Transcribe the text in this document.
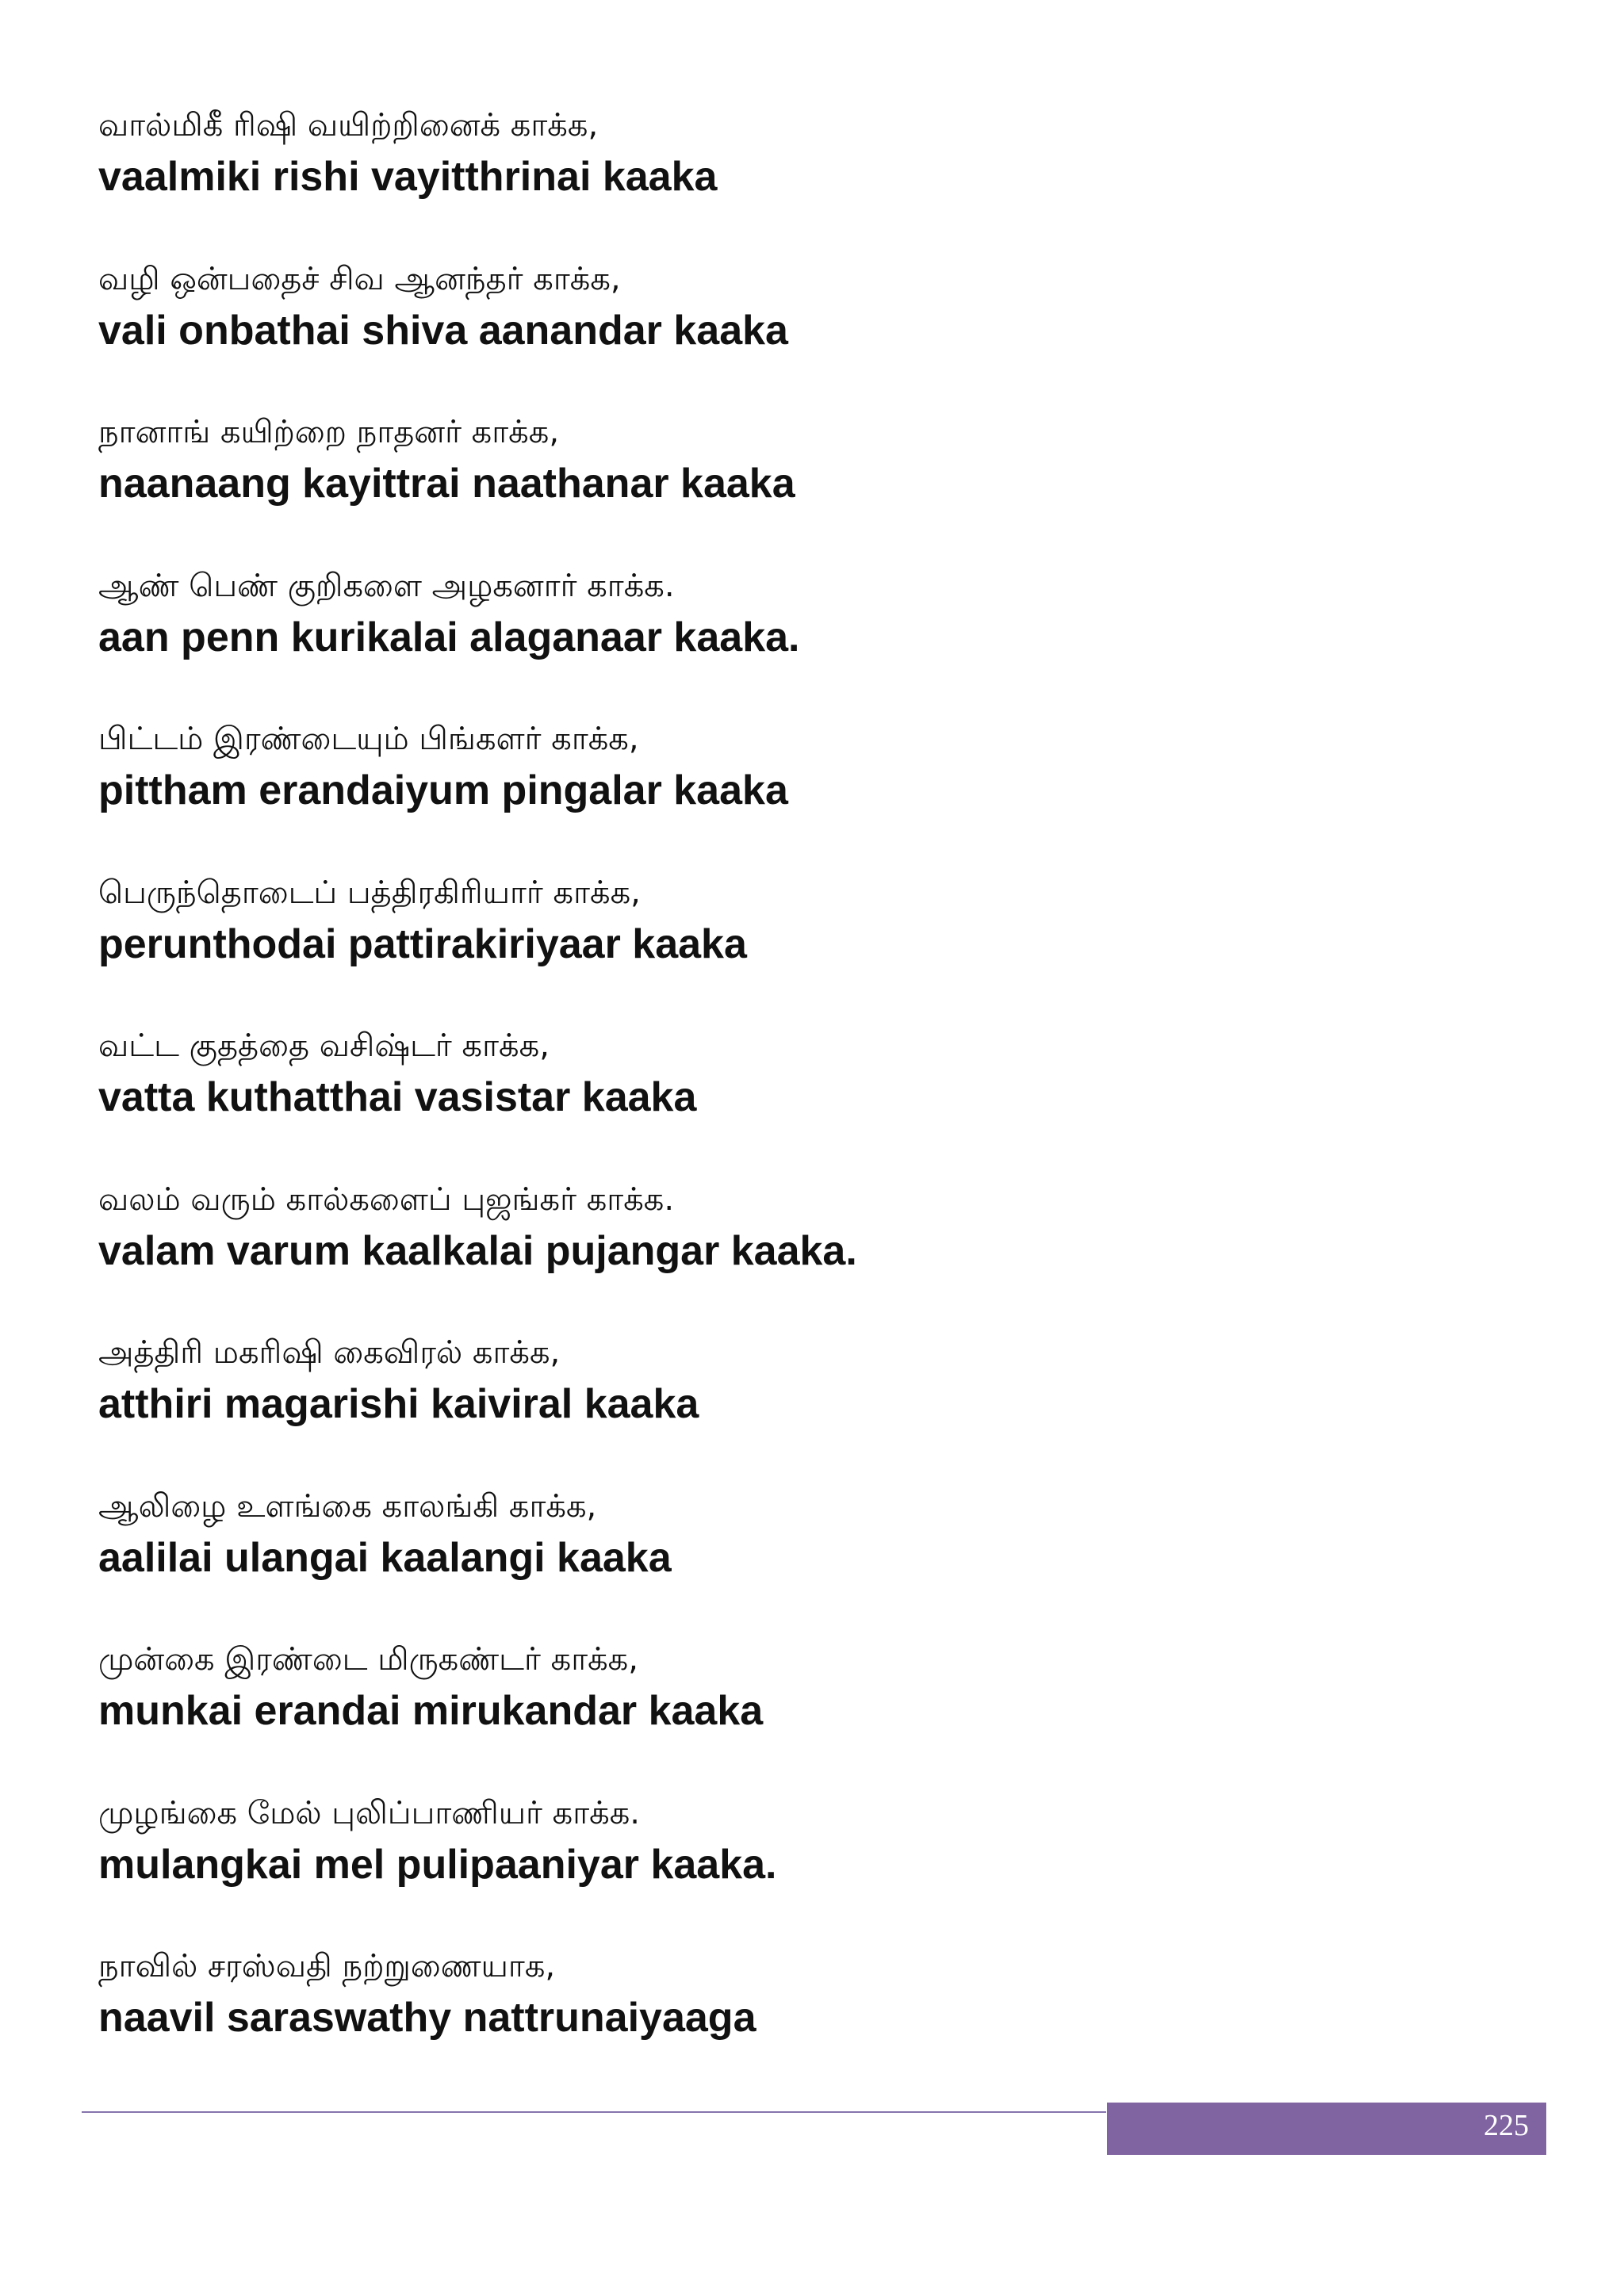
வால்மிகீ ரிஷி வயிற்றினைக் காக்க,
vaalmiki rishi vayitthrinai kaaka
வழி ஒன்பதைச் சிவ ஆனந்தர் காக்க,
vali onbathai shiva aanandar kaaka
நானாங் கயிற்றை நாதனர் காக்க,
naanaang kayittrai naathanar kaaka
ஆண் பெண் குறிகளை அழகனார் காக்க.
aan penn kurikalai alaganaar kaaka.
பிட்டம் இரண்டையும் பிங்களர் காக்க,
pittham erandaiyum pingalar kaaka
பெருந்தொடைப் பத்திரகிரியார் காக்க,
perunthodai pattirakiriyaar kaaka
வட்ட குதத்தை வசிஷ்டர் காக்க,
vatta kuthatthai vasistar kaaka
வலம் வரும் கால்களைப் புஜங்கர் காக்க.
valam varum kaalkalai pujangar kaaka.
அத்திரி மகரிஷி கைவிரல் காக்க,
atthiri magarishi kaiviral kaaka
ஆலிழை உளங்கை காலங்கி காக்க,
aalilai ulangai kaalangi kaaka
முன்கை இரண்டை மிருகண்டர் காக்க,
munkai erandai mirukandar kaaka
முழங்கை மேல் புலிப்பாணியர் காக்க.
mulangkai mel pulipaaniyar kaaka.
நாவில் சரஸ்வதி நற்றுணையாக,
naavil saraswathy nattrunaiyaaga
225
